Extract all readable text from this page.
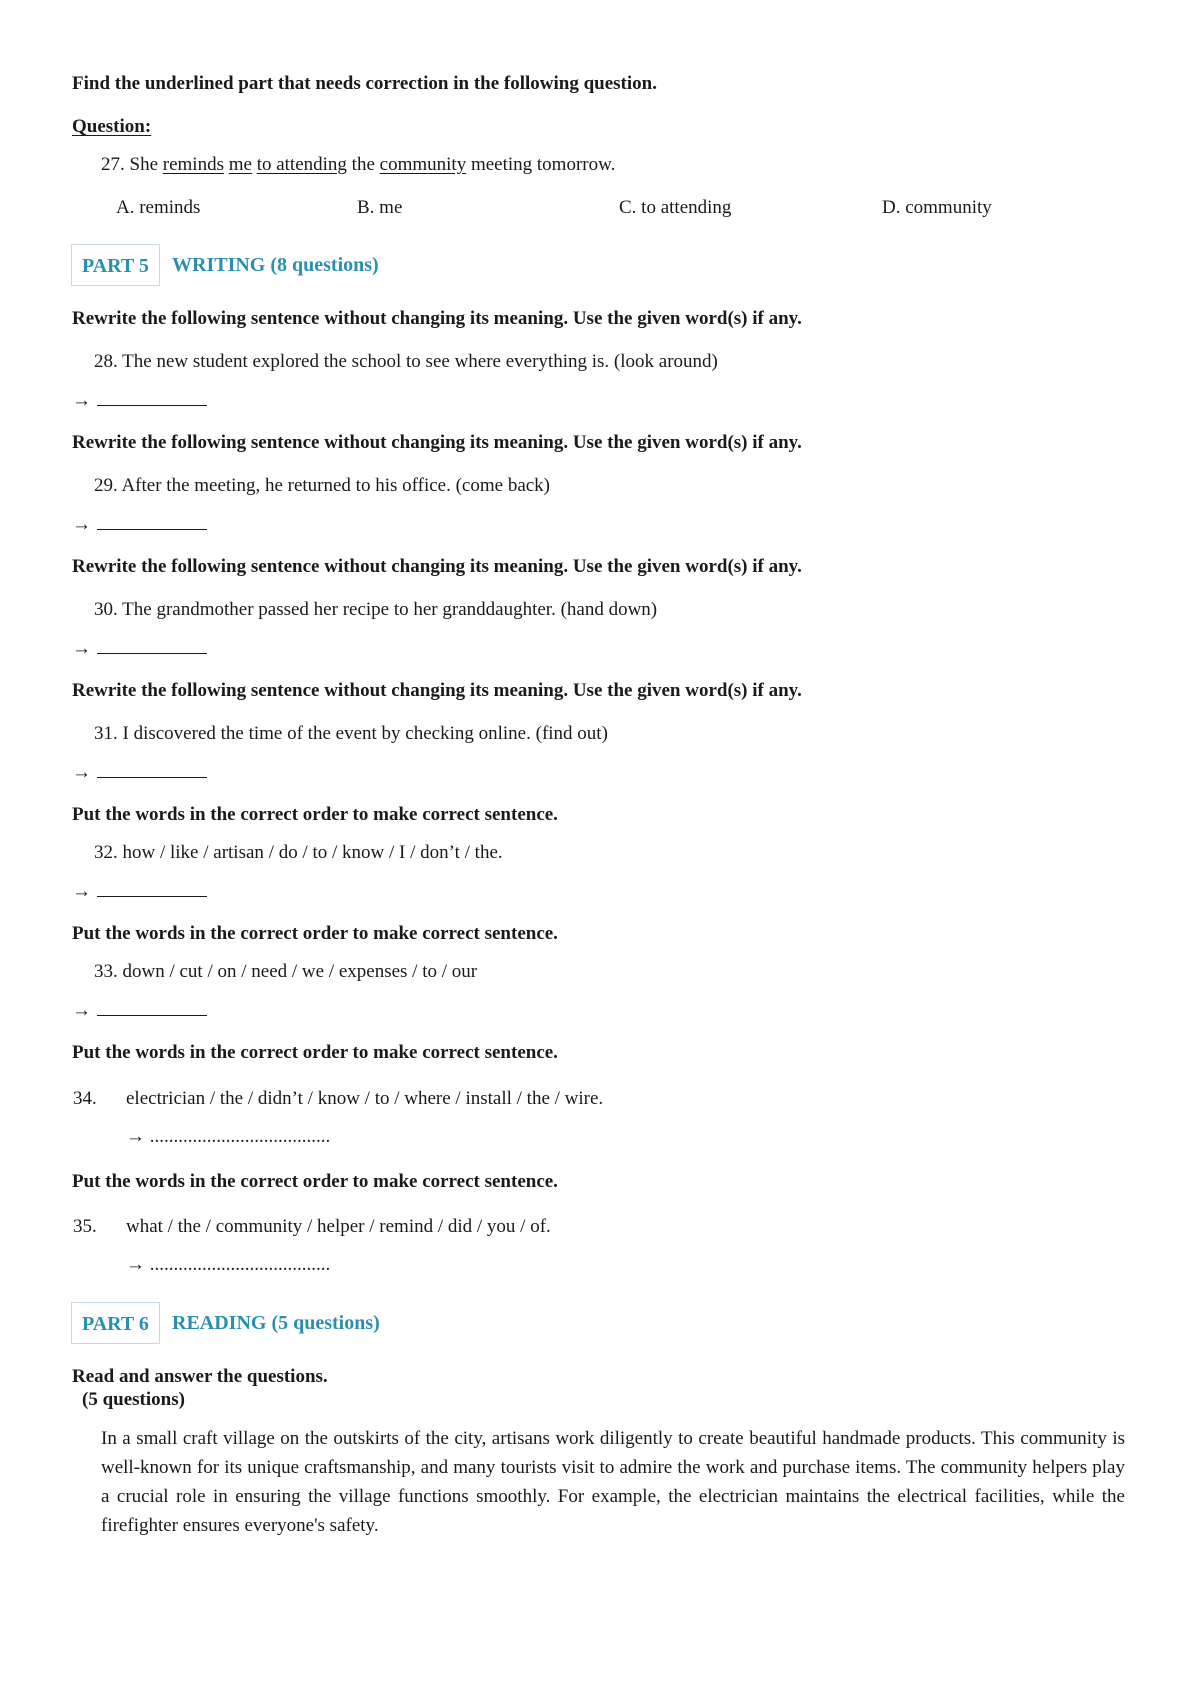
Find the underlined part that needs correction in the following question.
Question:
27. She reminds me to attending the community meeting tomorrow.
A. reminds	B. me	C. to attending	D. community
PART 5	WRITING (8 questions)
Rewrite the following sentence without changing its meaning. Use the given word(s) if any.
28. The new student explored the school to see where everything is. (look around)
→
Rewrite the following sentence without changing its meaning. Use the given word(s) if any.
29. After the meeting, he returned to his office. (come back)
→
Rewrite the following sentence without changing its meaning. Use the given word(s) if any.
30. The grandmother passed her recipe to her granddaughter. (hand down)
→
Rewrite the following sentence without changing its meaning. Use the given word(s) if any.
31. I discovered the time of the event by checking online. (find out)
→
Put the words in the correct order to make correct sentence.
32. how / like / artisan / do / to / know / I / don’t / the.
→
Put the words in the correct order to make correct sentence.
33. down / cut / on / need / we / expenses / to / our
→
Put the words in the correct order to make correct sentence.
34. electrician / the / didn’t / know / to / where / install / the / wire.
→ ......................................
Put the words in the correct order to make correct sentence.
35. what / the / community / helper / remind / did / you / of.
→ ......................................
PART 6	READING (5 questions)
Read and answer the questions.
(5 questions)
In a small craft village on the outskirts of the city, artisans work diligently to create beautiful handmade products. This community is well-known for its unique craftsmanship, and many tourists visit to admire the work and purchase items. The community helpers play a crucial role in ensuring the village functions smoothly. For example, the electrician maintains the electrical facilities, while the firefighter ensures everyone's safety.
